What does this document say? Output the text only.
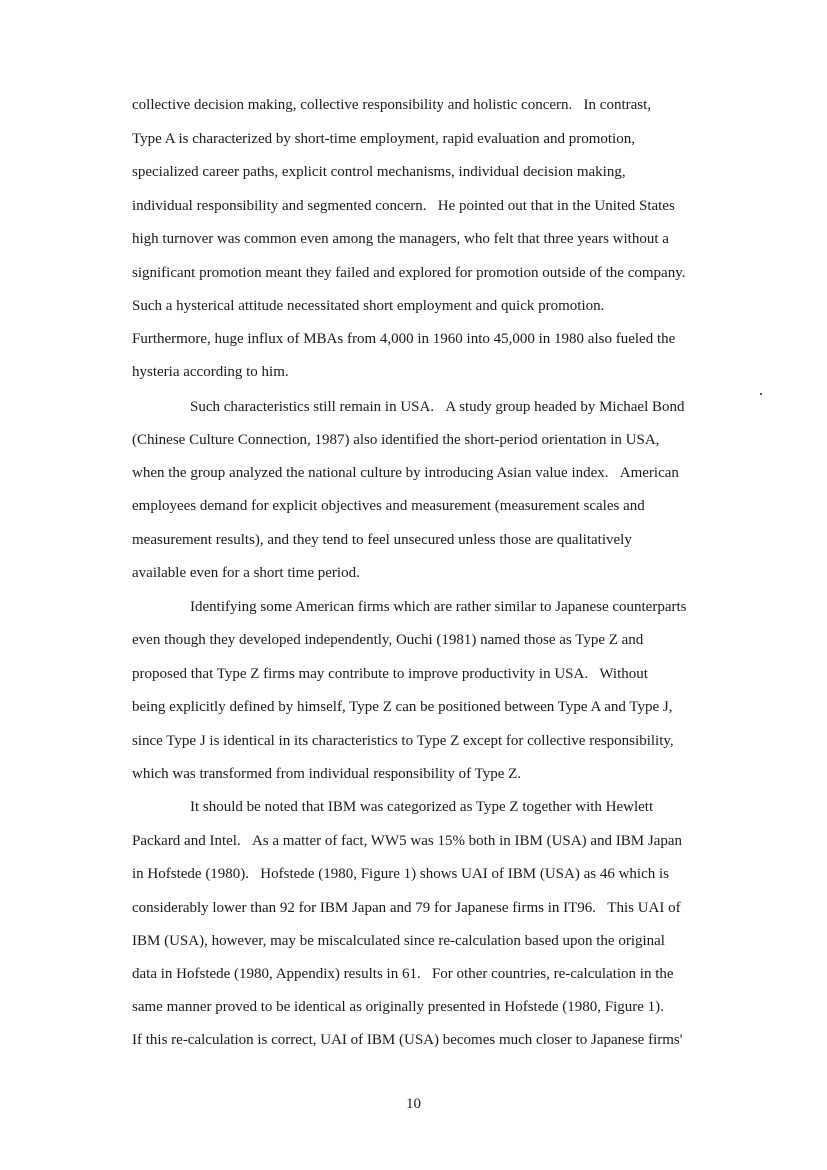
collective decision making, collective responsibility and holistic concern.   In contrast,
Type A is characterized by short-time employment, rapid evaluation and promotion,
specialized career paths, explicit control mechanisms, individual decision making,
individual responsibility and segmented concern.   He pointed out that in the United States
high turnover was common even among the managers, who felt that three years without a
significant promotion meant they failed and explored for promotion outside of the company.
Such a hysterical attitude necessitated short employment and quick promotion.
Furthermore, huge influx of MBAs from 4,000 in 1960 into 45,000 in 1980 also fueled the
hysteria according to him.
Such characteristics still remain in USA.   A study group headed by Michael Bond
(Chinese Culture Connection, 1987) also identified the short-period orientation in USA,
when the group analyzed the national culture by introducing Asian value index.   American
employees demand for explicit objectives and measurement (measurement scales and
measurement results), and they tend to feel unsecured unless those are qualitatively
available even for a short time period.
Identifying some American firms which are rather similar to Japanese counterparts
even though they developed independently, Ouchi (1981) named those as Type Z and
proposed that Type Z firms may contribute to improve productivity in USA.   Without
being explicitly defined by himself, Type Z can be positioned between Type A and Type J,
since Type J is identical in its characteristics to Type Z except for collective responsibility,
which was transformed from individual responsibility of Type Z.
It should be noted that IBM was categorized as Type Z together with Hewlett
Packard and Intel.   As a matter of fact, WW5 was 15% both in IBM (USA) and IBM Japan
in Hofstede (1980).   Hofstede (1980, Figure 1) shows UAI of IBM (USA) as 46 which is
considerably lower than 92 for IBM Japan and 79 for Japanese firms in IT96.   This UAI of
IBM (USA), however, may be miscalculated since re-calculation based upon the original
data in Hofstede (1980, Appendix) results in 61.   For other countries, re-calculation in the
same manner proved to be identical as originally presented in Hofstede (1980, Figure 1).
If this re-calculation is correct, UAI of IBM (USA) becomes much closer to Japanese firms'
10
